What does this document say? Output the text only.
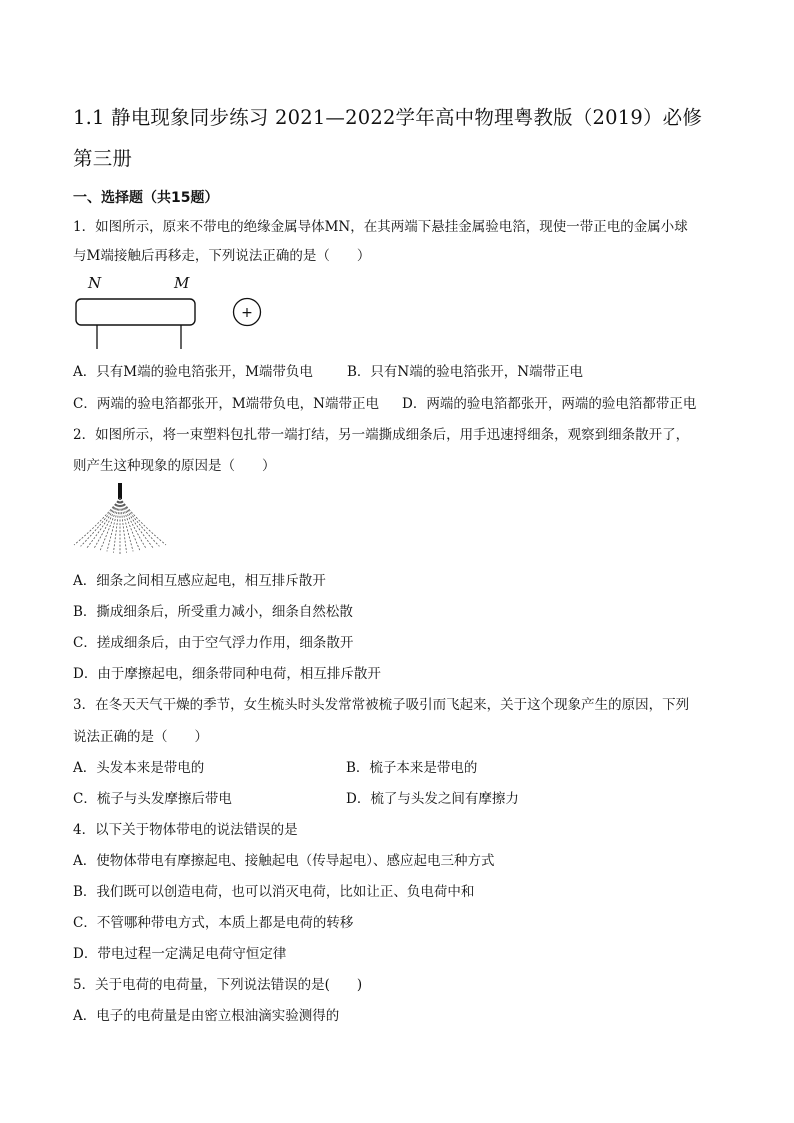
1.1 静电现象同步练习 2021—2022学年高中物理粤教版（2019）必修
第三册
一、选择题（共15题）
1．如图所示，原来不带电的绝缘金属导体MN，在其两端下悬挂金属验电箔，现使一带正电的金属小球
与M端接触后再移走，下列说法正确的是（　　）
N	M
+
A．只有M端的验电箔张开，M端带负电	B．只有N端的验电箔张开，N端带正电
C．两端的验电箔都张开，M端带负电，N端带正电 D．两端的验电箔都张开，两端的验电箔都带正电
2．如图所示，将一束塑料包扎带一端打结，另一端撕成细条后，用手迅速捋细条，观察到细条散开了，
则产生这种现象的原因是（　　）
A．细条之间相互感应起电，相互排斥散开
B．撕成细条后，所受重力减小，细条自然松散
C．搓成细条后，由于空气浮力作用，细条散开
D．由于摩擦起电，细条带同种电荷，相互排斥散开
3．在冬天天气干燥的季节，女生梳头时头发常常被梳子吸引而飞起来，关于这个现象产生的原因，下列
说法正确的是（　　）
A．头发本来是带电的	B．梳子本来是带电的
C．梳子与头发摩擦后带电	D．梳了与头发之间有摩擦力
4．以下关于物体带电的说法错误的是
A．使物体带电有摩擦起电、接触起电（传导起电）、感应起电三种方式
B．我们既可以创造电荷，也可以消灭电荷，比如让正、负电荷中和
C．不管哪种带电方式，本质上都是电荷的转移
D．带电过程一定满足电荷守恒定律
5．关于电荷的电荷量，下列说法错误的是(　　)
A．电子的电荷量是由密立根油滴实验测得的
